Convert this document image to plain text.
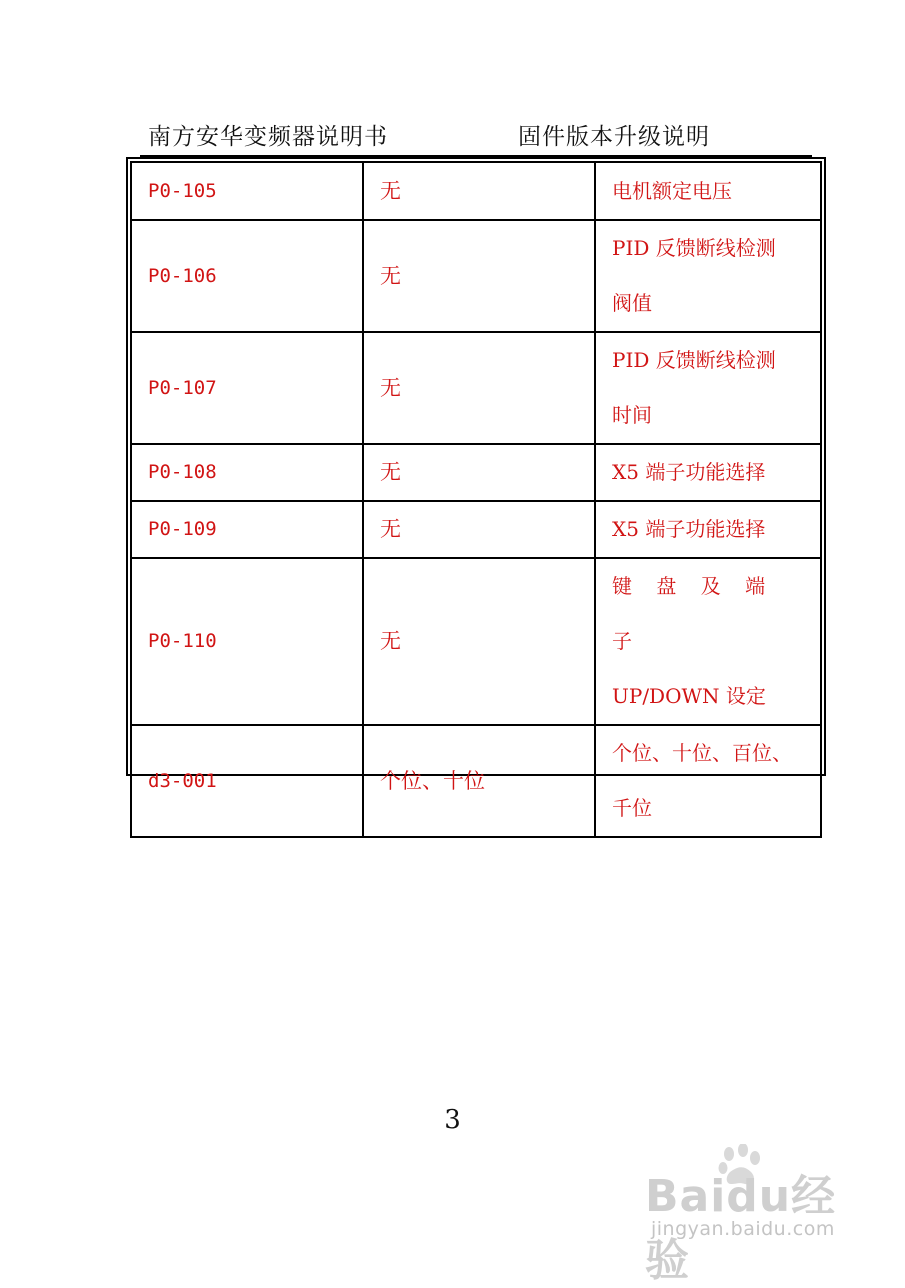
南方安华变频器说明书	固件版本升级说明
P0-105	无	电机额定电压

P0-106	无	PID 反馈断线检测
阀值

P0-107	无	PID 反馈断线检测
时间

P0-108	无	X5 端子功能选择

P0-109	无	X5 端子功能选择

P0-110	无	键 盘 及 端 子
UP/DOWN 设定

d3-001	个位、十位	个位、十位、百位、
千位
3
Baidu经验
jingyan.baidu.com
